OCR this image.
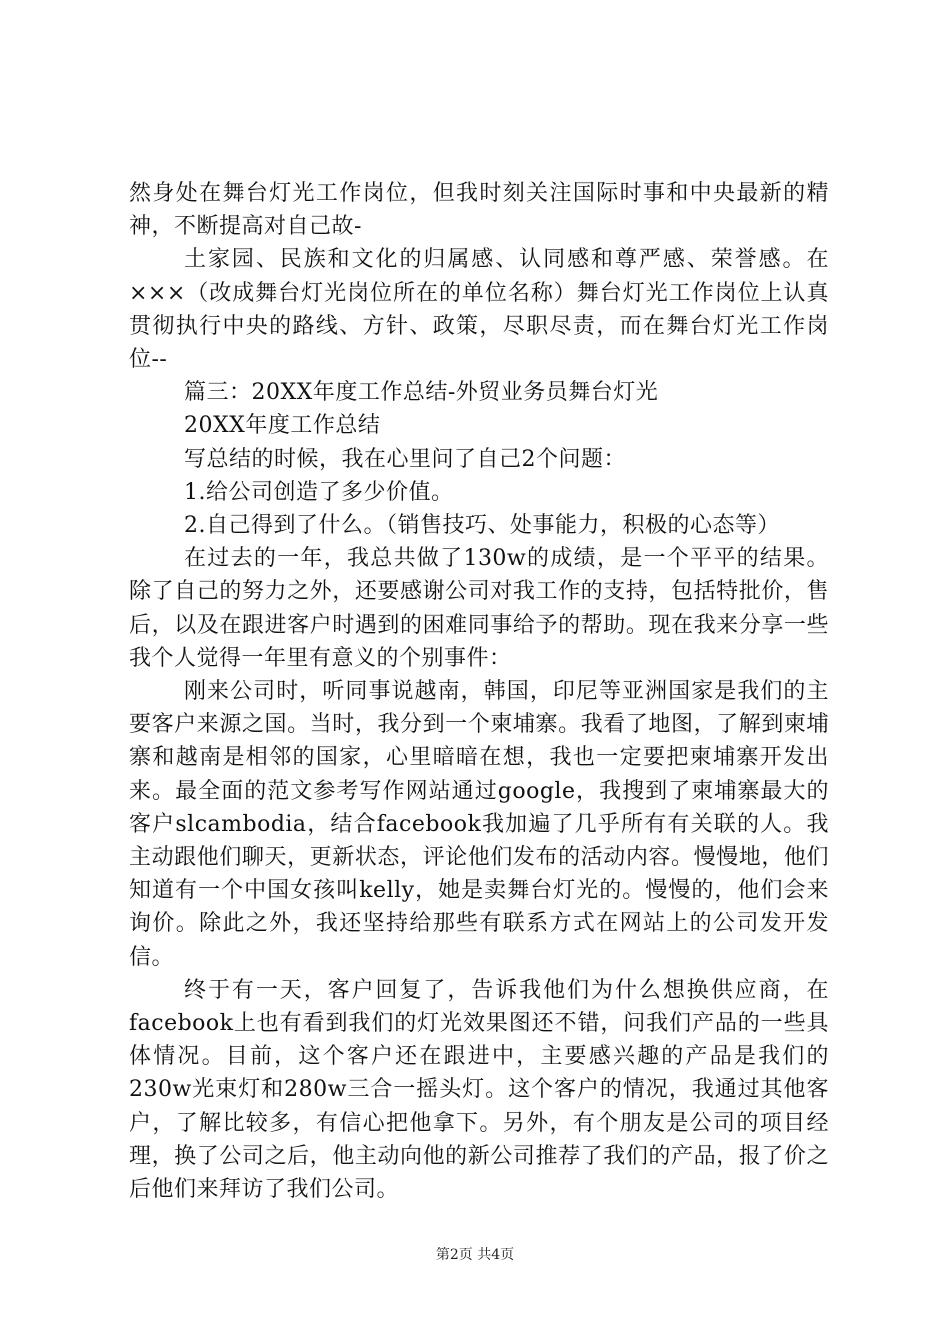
然身处在舞台灯光工作岗位，但我时刻关注国际时事和中央最新的精神，不断提高对自己故-

土家园、民族和文化的归属感、认同感和尊严感、荣誉感。在×××（改成舞台灯光岗位所在的单位名称）舞台灯光工作岗位上认真贯彻执行中央的路线、方针、政策，尽职尽责，而在舞台灯光工作岗位--

篇三：20XX年度工作总结-外贸业务员舞台灯光

20XX年度工作总结

写总结的时候，我在心里问了自己2个问题：

1.给公司创造了多少价值。

2.自己得到了什么。（销售技巧、处事能力，积极的心态等）

在过去的一年，我总共做了130w的成绩，是一个平平的结果。除了自己的努力之外，还要感谢公司对我工作的支持，包括特批价，售后，以及在跟进客户时遇到的困难同事给予的帮助。现在我来分享一些我个人觉得一年里有意义的个别事件：

刚来公司时，听同事说越南，韩国，印尼等亚洲国家是我们的主要客户来源之国。当时，我分到一个柬埔寨。我看了地图，了解到柬埔寨和越南是相邻的国家，心里暗暗在想，我也一定要把柬埔寨开发出来。最全面的范文参考写作网站通过google，我搜到了柬埔寨最大的客户slcambodia，结合facebook我加遍了几乎所有有关联的人。我主动跟他们聊天，更新状态，评论他们发布的活动内容。慢慢地，他们知道有一个中国女孩叫kelly，她是卖舞台灯光的。慢慢的，他们会来询价。除此之外，我还坚持给那些有联系方式在网站上的公司发开发信。

终于有一天，客户回复了，告诉我他们为什么想换供应商，在facebook上也有看到我们的灯光效果图还不错，问我们产品的一些具体情况。目前，这个客户还在跟进中，主要感兴趣的产品是我们的230w光束灯和280w三合一摇头灯。这个客户的情况，我通过其他客户，了解比较多，有信心把他拿下。另外，有个朋友是公司的项目经理，换了公司之后，他主动向他的新公司推荐了我们的产品，报了价之后他们来拜访了我们公司。

第2页 共4页
